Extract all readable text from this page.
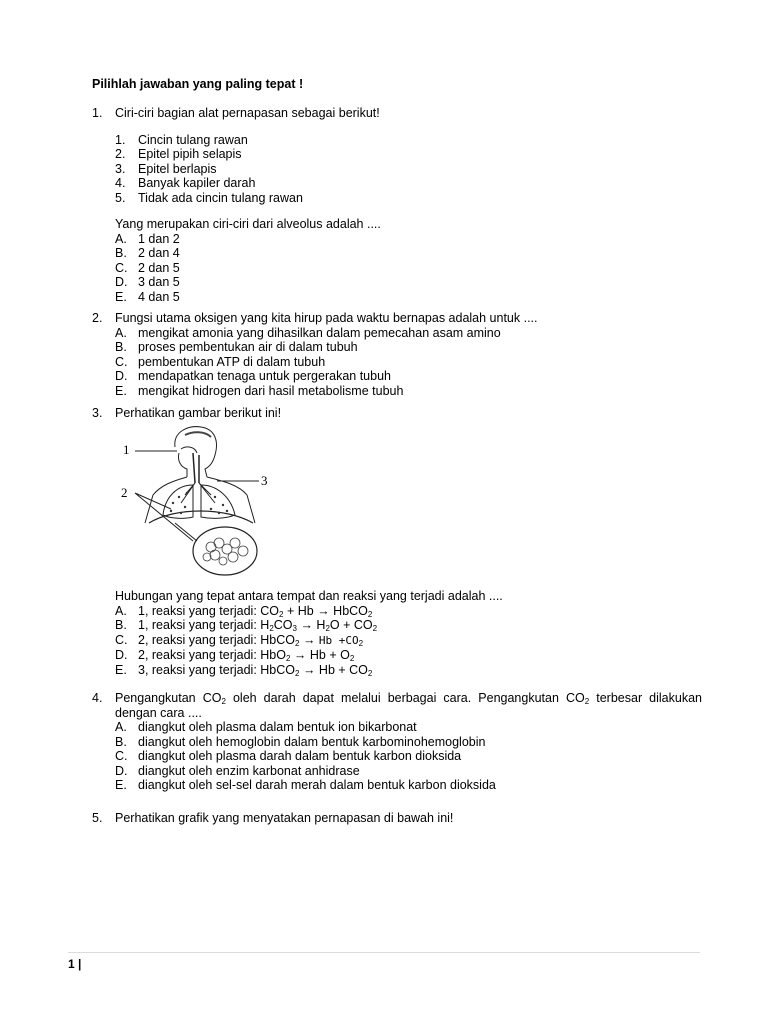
Pilihlah jawaban yang paling tepat !
1. Ciri-ciri bagian alat pernapasan sebagai berikut!
1.	Cincin tulang rawan
2.	Epitel pipih selapis
3.	Epitel berlapis
4.	Banyak kapiler darah
5.	Tidak ada cincin tulang rawan
Yang merupakan ciri-ciri dari alveolus adalah ....
A. 1 dan 2
B. 2 dan 4
C. 2 dan 5
D. 3 dan 5
E. 4 dan 5
2. Fungsi utama oksigen yang kita hirup pada waktu bernapas adalah untuk ....
A. mengikat amonia yang dihasilkan dalam pemecahan asam amino
B. proses pembentukan air di dalam tubuh
C. pembentukan ATP di dalam tubuh
D. mendapatkan tenaga untuk pergerakan tubuh
E. mengikat hidrogen dari hasil metabolisme tubuh
3. Perhatikan gambar berikut ini!
1
2
3
Hubungan yang tepat antara tempat dan reaksi yang terjadi adalah ....
A. 1, reaksi yang terjadi: $CO_2 + Hb$ → HbCO$_2$
B. 1, reaksi yang terjadi: $H_2CO_3 \to H_2O + CO_2$
C. 2, reaksi yang terjadi: HbCO$_2$ → $Hb +CO_2$
D. 2, reaksi yang terjadi: $HbO_2 \to Hb + O_2$
E. 3, reaksi yang terjadi: HbCO$_2$ → $Hb + CO_2$
4. Pengangkutan $CO_2$ oleh darah dapat melalui berbagai cara. Pengangkutan $CO_2$ terbesar dilakukan dengan cara ....
A. diangkut oleh plasma dalam bentuk ion bikarbonat
B. diangkut oleh hemoglobin dalam bentuk karbominohemoglobin
C. diangkut oleh plasma darah dalam bentuk karbon dioksida
D. diangkut oleh enzim karbonat anhidrase
E. diangkut oleh sel-sel darah merah dalam bentuk karbon dioksida
5. Perhatikan grafik yang menyatakan pernapasan di bawah ini!
1 |
